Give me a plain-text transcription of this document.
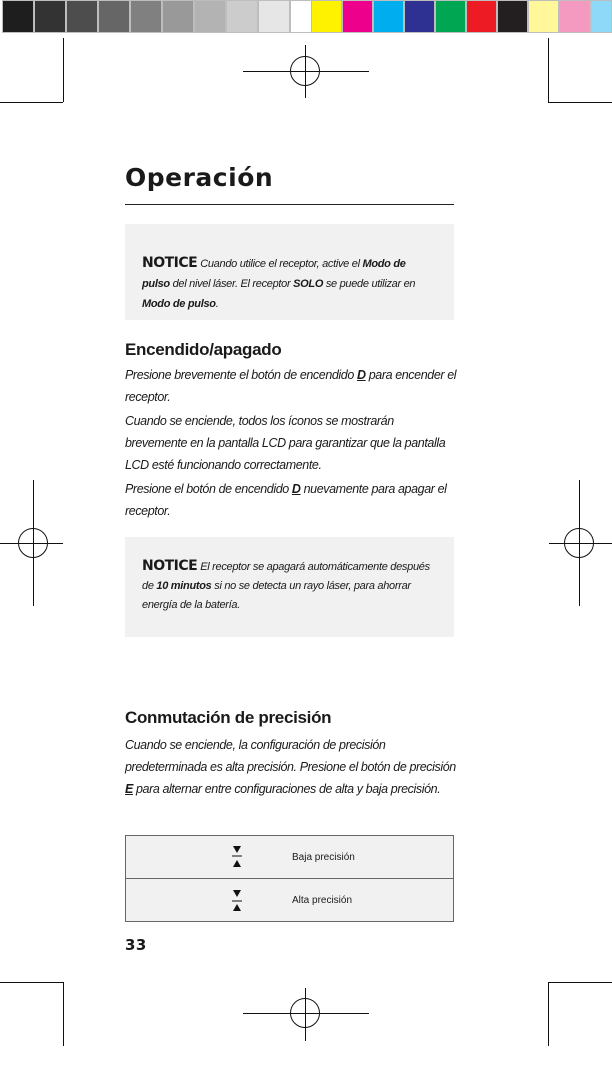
Operación
NOTICE Cuando utilice el receptor, active el Modo de pulso del nivel láser. El receptor SOLO se puede utilizar en Modo de pulso.
Encendido/apagado

Presione brevemente el botón de encendido D para encender el receptor.

Cuando se enciende, todos los íconos se mostrarán brevemente en la pantalla LCD para garantizar que la pantalla LCD esté funcionando correctamente.

Presione el botón de encendido D nuevamente para apagar el receptor.

NOTICE El receptor se apagará automáticamente después de 10 minutos si no se detecta un rayo láser, para ahorrar energía de la batería.
Conmutación de precisión

Cuando se enciende, la configuración de precisión predeterminada es alta precisión. Presione el botón de precisión E para alternar entre configuraciones de alta y baja precisión.

Baja precisión
Alta precisión
33
